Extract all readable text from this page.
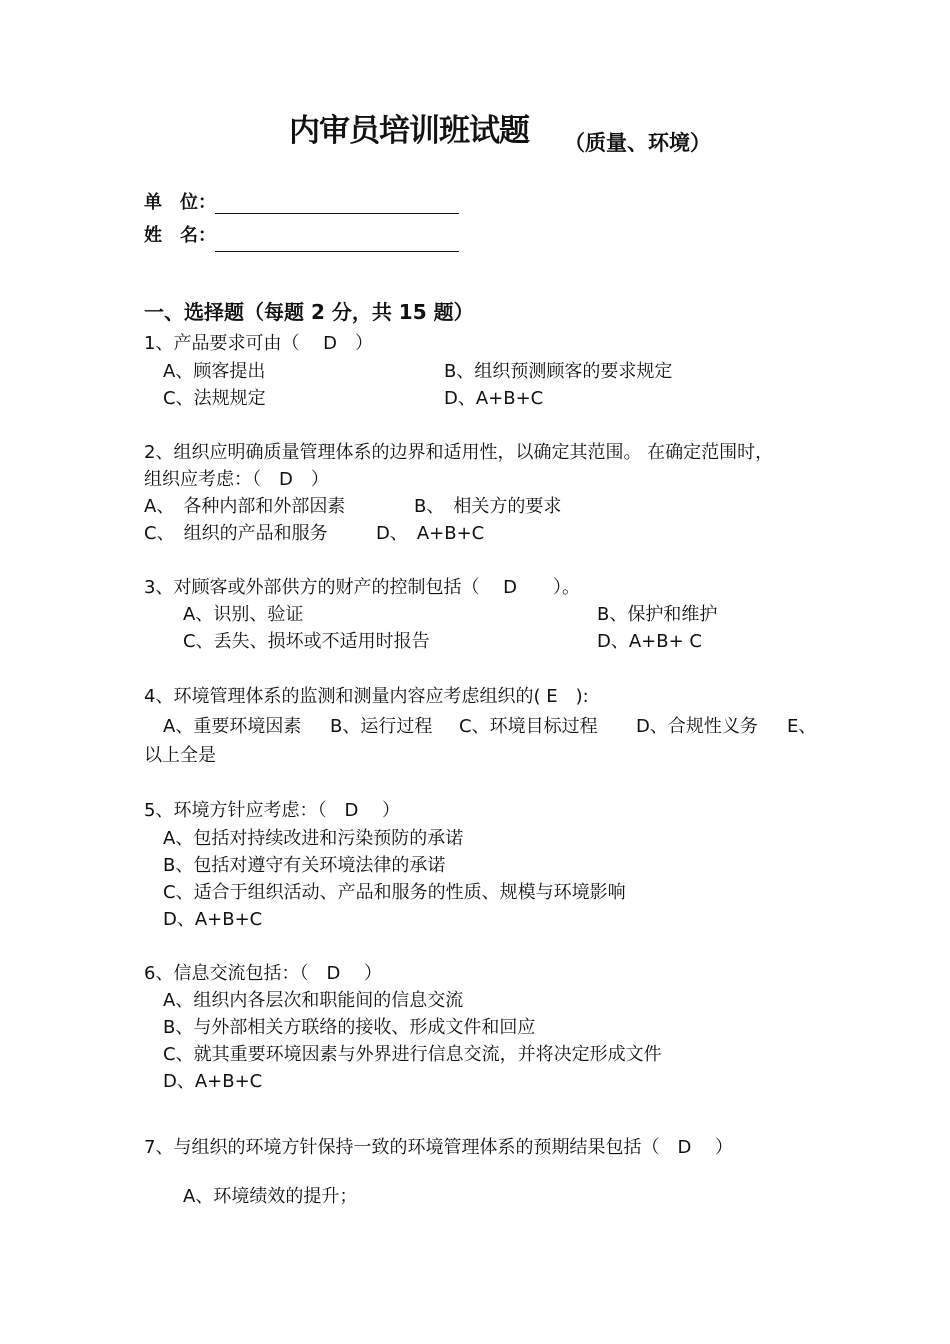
内审员培训班试题 （质量、环境）
单　位：
姓　名：
一、选择题（每题 2 分，共 15 题）
1、产品要求可由（　 D　）
A、顾客提出	B、组织预测顾客的要求规定
C、法规规定	D、A+B+C
2、组织应明确质量管理体系的边界和适用性，以确定其范围。 在确定范围时，
组织应考虑：（　D　）
A、　各种内部和外部因素	B、　相关方的要求
C、　组织的产品和服务	D、　A+B+C
3、对顾客或外部供方的财产的控制包括（　 D　　）。
A、识别、验证	B、保护和维护
C、丢失、损坏或不适用时报告	D、A+B+ C
4、环境管理体系的监测和测量内容应考虑组织的( E　):
A、重要环境因素 B、运行过程 C、环境目标过程 D、合规性义务 E、
以上全是
5、环境方针应考虑：（　D　 ）
A、包括对持续改进和污染预防的承诺
B、包括对遵守有关环境法律的承诺
C、适合于组织活动、产品和服务的性质、规模与环境影响
D、A+B+C
6、信息交流包括：（　D　 ）
A、组织内各层次和职能间的信息交流
B、与外部相关方联络的接收、形成文件和回应
C、就其重要环境因素与外界进行信息交流，并将决定形成文件
D、A+B+C
7、与组织的环境方针保持一致的环境管理体系的预期结果包括（　D　 ）
A、环境绩效的提升；
